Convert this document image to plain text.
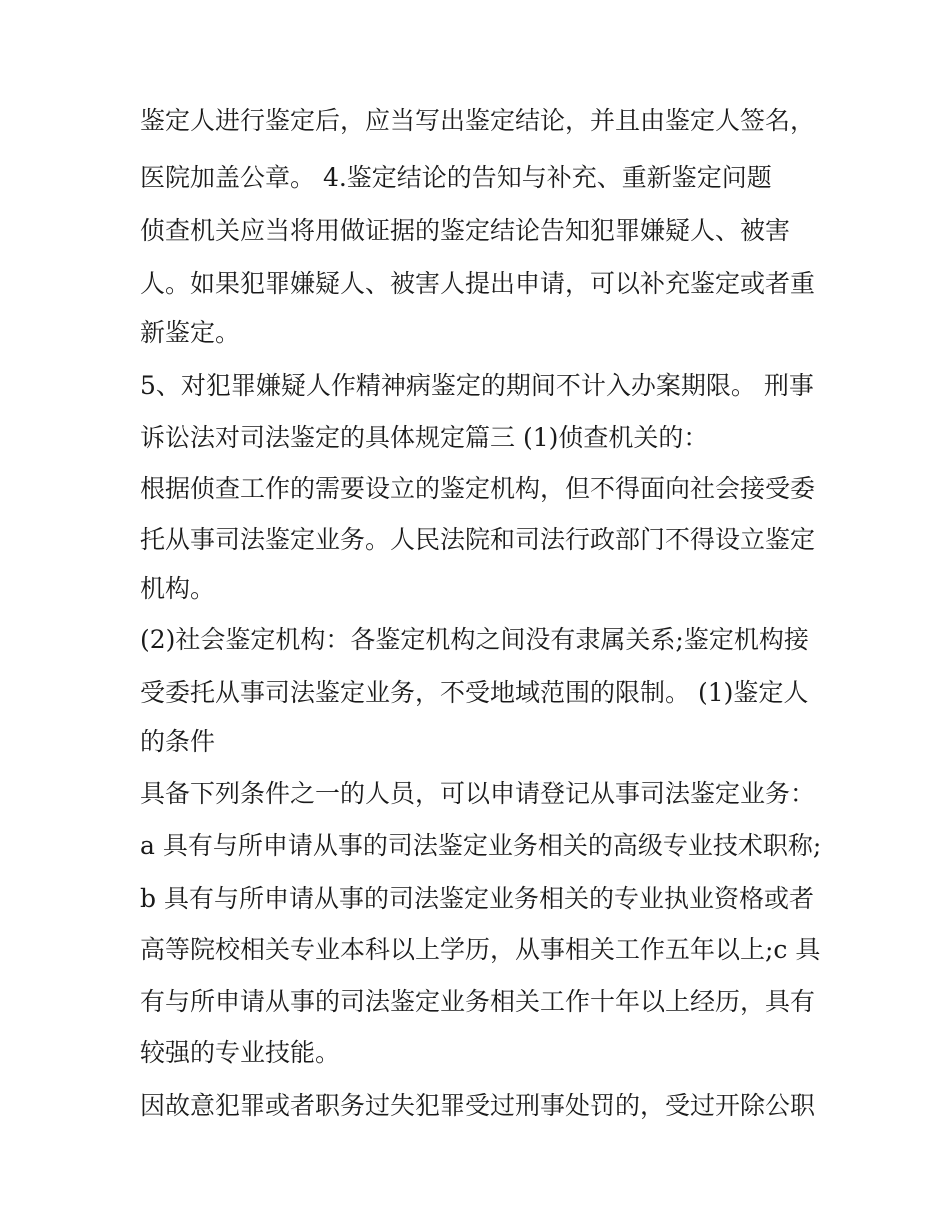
鉴定人进行鉴定后，应当写出鉴定结论，并且由鉴定人签名，
医院加盖公章。 4.鉴定结论的告知与补充、重新鉴定问题
侦查机关应当将用做证据的鉴定结论告知犯罪嫌疑人、被害
人。如果犯罪嫌疑人、被害人提出申请，可以补充鉴定或者重
新鉴定。
5、对犯罪嫌疑人作精神病鉴定的期间不计入办案期限。 刑事
诉讼法对司法鉴定的具体规定篇三 (1)侦查机关的：
根据侦查工作的需要设立的鉴定机构，但不得面向社会接受委
托从事司法鉴定业务。人民法院和司法行政部门不得设立鉴定
机构。
(2)社会鉴定机构：各鉴定机构之间没有隶属关系;鉴定机构接
受委托从事司法鉴定业务，不受地域范围的限制。 (1)鉴定人
的条件
具备下列条件之一的人员，可以申请登记从事司法鉴定业务：
a 具有与所申请从事的司法鉴定业务相关的高级专业技术职称;
b 具有与所申请从事的司法鉴定业务相关的专业执业资格或者
高等院校相关专业本科以上学历，从事相关工作五年以上;c 具
有与所申请从事的司法鉴定业务相关工作十年以上经历，具有
较强的专业技能。
因故意犯罪或者职务过失犯罪受过刑事处罚的，受过开除公职
